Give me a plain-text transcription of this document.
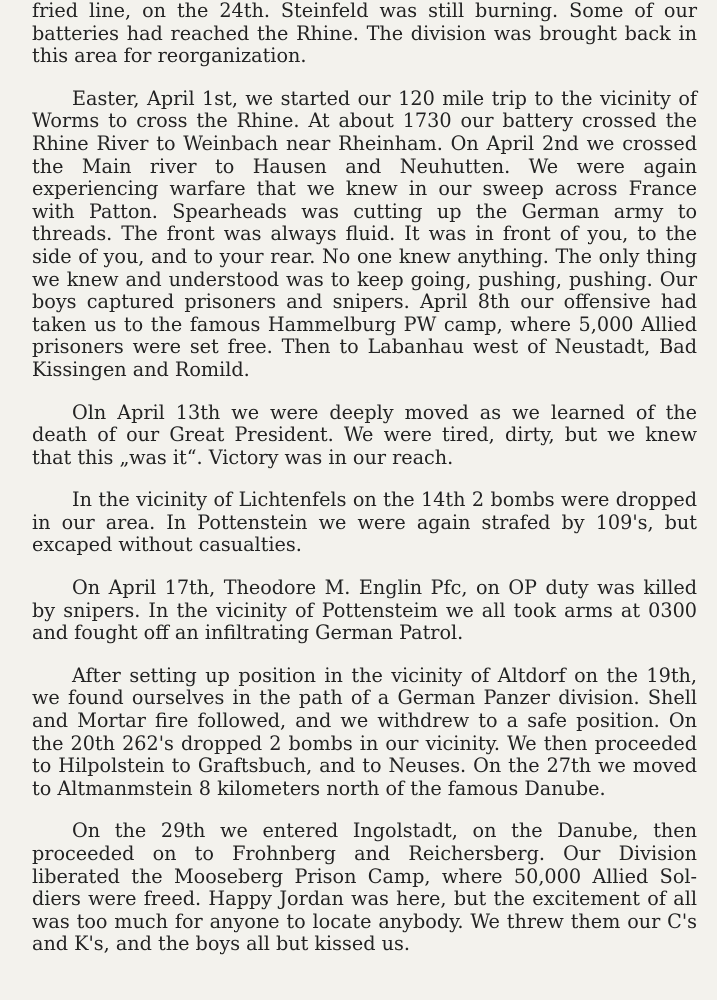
fried line, on the 24th. Steinfeld was still burning. Some of our batteries had reached the Rhine. The division was brought back in this area for reorganization.

Easter, April 1st, we started our 120 mile trip to the vicinity of Worms to cross the Rhine. At about 1730 our battery crossed the Rhine River to Weinbach near Rheinham. On April 2nd we crossed the Main river to Hausen and Neuhutten. We were again experiencing warfare that we knew in our sweep across France with Patton. Spearheads was cutting up the German army to threads. The front was always fluid. It was in front of you, to the side of you, and to your rear. No one knew anything. The only thing we knew and understood was to keep going, pushing, pushing. Our boys captured prisoners and snipers. April 8th our offensive had taken us to the famous Hammelburg PW camp, where 5,000 Allied prisoners were set free. Then to Labanhau west of Neustadt, Bad Kissingen and Romild.

Oln April 13th we were deeply moved as we learned of the death of our Great President. We were tired, dirty, but we knew that this „was it“. Victory was in our reach.

In the vicinity of Lichtenfels on the 14th 2 bombs were dropped in our area. In Pottenstein we were again strafed by 109's, but excaped without casualties.

On April 17th, Theodore M. Englin Pfc, on OP duty was killed by snipers. In the vicinity of Pottensteim we all took arms at 0300 and fought off an infiltrating German Patrol.

After setting up position in the vicinity of Altdorf on the 19th, we found ourselves in the path of a German Panzer division. Shell and Mortar fire followed, and we withdrew to a safe position. On the 20th 262's dropped 2 bombs in our vicinity. We then proceeded to Hilpolstein to Graftsbuch, and to Neuses. On the 27th we moved to Altmanmstein 8 kilometers north of the famous Danube.

On the 29th we entered Ingolstadt, on the Danube, then proceeded on to Frohnberg and Reichersberg. Our Division liberated the Mooseberg Prison Camp, where 50,000 Allied Soldiers were freed. Happy Jordan was here, but the excitement of all was too much for anyone to locate anybody. We threw them our C's and K's, and the boys all but kissed us.
